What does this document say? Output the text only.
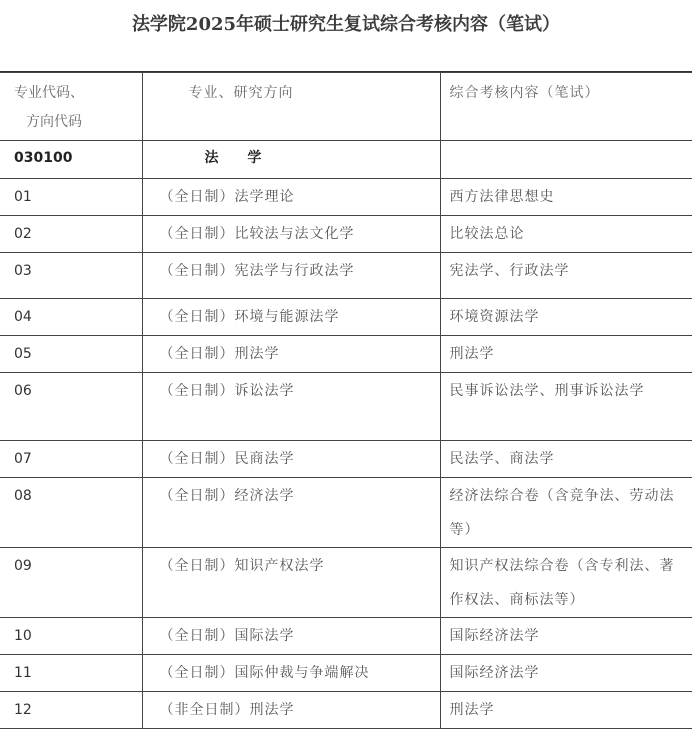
法学院2025年硕士研究生复试综合考核内容（笔试）
专业代码、
方向代码	专业、研究方向	综合考核内容（笔试）
030100	法 学	
01	（全日制）法学理论	西方法律思想史
02	（全日制）比较法与法文化学	比较法总论
03	（全日制）宪法学与行政法学	宪法学、行政法学
04	（全日制）环境与能源法学	环境资源法学
05	（全日制）刑法学	刑法学
06	（全日制）诉讼法学	民事诉讼法学、刑事诉讼法学
07	（全日制）民商法学	民法学、商法学
08	（全日制）经济法学	经济法综合卷（含竞争法、劳动法等）
09	（全日制）知识产权法学	知识产权法综合卷（含专利法、著作权法、商标法等）
10	（全日制）国际法学	国际经济法学
11	（全日制）国际仲裁与争端解决	国际经济法学
12	（非全日制）刑法学	刑法学
